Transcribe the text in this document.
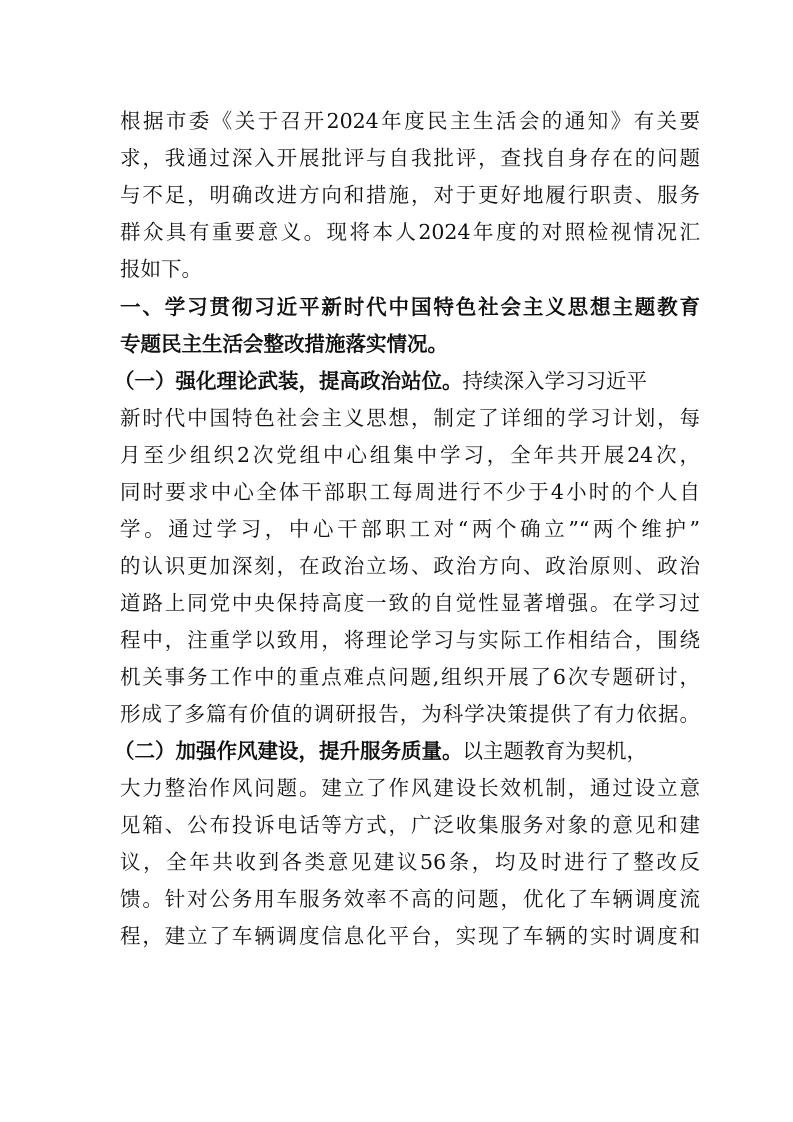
根据市委《关于召开2024年度民主生活会的通知》有关要
求，我通过深入开展批评与自我批评，查找自身存在的问题
与不足，明确改进方向和措施，对于更好地履行职责、服务
群众具有重要意义。现将本人2024年度的对照检视情况汇
报如下。
一、学习贯彻习近平新时代中国特色社会主义思想主题教育
专题民主生活会整改措施落实情况。
（一）强化理论武装，提高政治站位。持续深入学习习近平
新时代中国特色社会主义思想，制定了详细的学习计划，每
月至少组织2次党组中心组集中学习，全年共开展24次，
同时要求中心全体干部职工每周进行不少于4小时的个人自
学。通过学习，中心干部职工对“两个确立”“两个维护”
的认识更加深刻，在政治立场、政治方向、政治原则、政治
道路上同党中央保持高度一致的自觉性显著增强。在学习过
程中，注重学以致用，将理论学习与实际工作相结合，围绕
机关事务工作中的重点难点问题,组织开展了6次专题研讨，
形成了多篇有价值的调研报告，为科学决策提供了有力依据。
（二）加强作风建设，提升服务质量。以主题教育为契机，
大力整治作风问题。建立了作风建设长效机制，通过设立意
见箱、公布投诉电话等方式，广泛收集服务对象的意见和建
议，全年共收到各类意见建议56条，均及时进行了整改反
馈。针对公务用车服务效率不高的问题，优化了车辆调度流
程，建立了车辆调度信息化平台，实现了车辆的实时调度和
